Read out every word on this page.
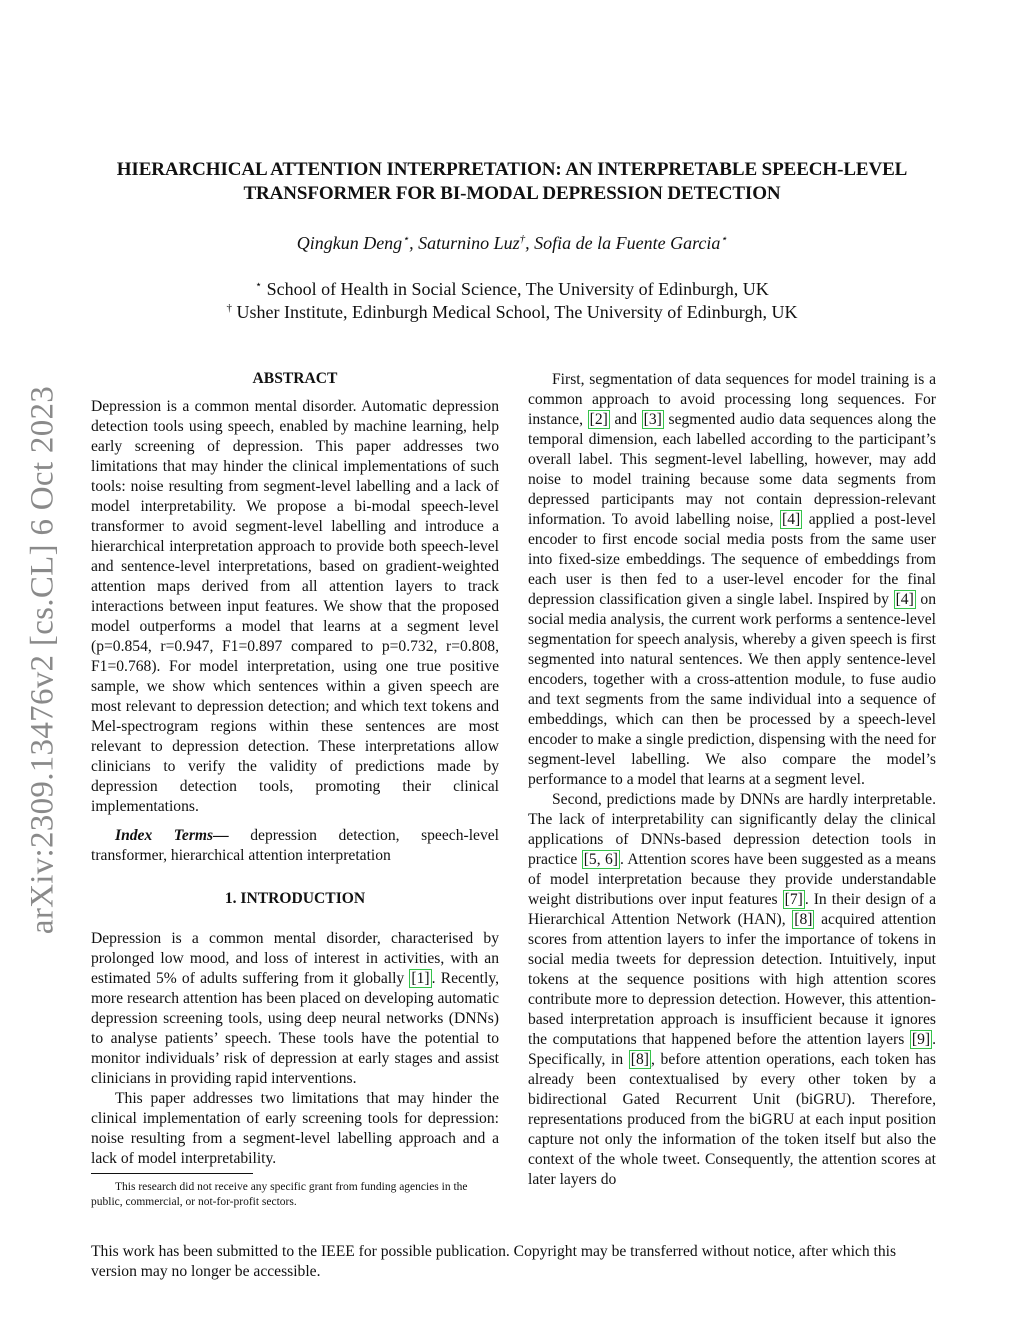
arXiv:2309.13476v2 [cs.CL] 6 Oct 2023
HIERARCHICAL ATTENTION INTERPRETATION: AN INTERPRETABLE SPEECH-LEVEL
TRANSFORMER FOR BI-MODAL DEPRESSION DETECTION
Qingkun Deng⋆, Saturnino Luz†, Sofia de la Fuente Garcia⋆
⋆ School of Health in Social Science, The University of Edinburgh, UK
† Usher Institute, Edinburgh Medical School, The University of Edinburgh, UK
ABSTRACT

Depression is a common mental disorder. Automatic depression detection tools using speech, enabled by machine learning, help early screening of depression. This paper addresses two limitations that may hinder the clinical implementations of such tools: noise resulting from segment-level labelling and a lack of model interpretability. We propose a bi-modal speech-level transformer to avoid segment-level labelling and introduce a hierarchical interpretation approach to provide both speech-level and sentence-level interpretations, based on gradient-weighted attention maps derived from all attention layers to track interactions between input features. We show that the proposed model outperforms a model that learns at a segment level (p=0.854, r=0.947, F1=0.897 compared to p=0.732, r=0.808, F1=0.768). For model interpretation, using one true positive sample, we show which sentences within a given speech are most relevant to depression detection; and which text tokens and Mel-spectrogram regions within these sentences are most relevant to depression detection. These interpretations allow clinicians to verify the validity of predictions made by depression detection tools, promoting their clinical implementations.

Index Terms— depression detection, speech-level transformer, hierarchical attention interpretation
1. INTRODUCTION

Depression is a common mental disorder, characterised by prolonged low mood, and loss of interest in activities, with an estimated 5% of adults suffering from it globally [1] . Recently, more research attention has been placed on developing automatic depression screening tools, using deep neural networks (DNNs) to analyse patients’ speech. These tools have the potential to monitor individuals’ risk of depression at early stages and assist clinicians in providing rapid interventions.

This paper addresses two limitations that may hinder the clinical implementation of early screening tools for depression: noise resulting from a segment-level labelling approach and a lack of model interpretability.

This research did not receive any specific grant from funding agencies in the public, commercial, or not-for-profit sectors.

First, segmentation of data sequences for model training is a common approach to avoid processing long sequences. For instance, [2] and [3] segmented audio data sequences along the temporal dimension, each labelled according to the participant’s overall label. This segment-level labelling, however, may add noise to model training because some data segments from depressed participants may not contain depression-relevant information. To avoid labelling noise, [4] applied a post-level encoder to first encode social media posts from the same user into fixed-size embeddings. The sequence of embeddings from each user is then fed to a user-level encoder for the final depression classification given a single label. Inspired by [4] on social media analysis, the current work performs a sentence-level segmentation for speech analysis, whereby a given speech is first segmented into natural sentences. We then apply sentence-level encoders, together with a cross-attention module, to fuse audio and text segments from the same individual into a sequence of embeddings, which can then be processed by a speech-level encoder to make a single prediction, dispensing with the need for segment-level labelling. We also compare the model’s performance to a model that learns at a segment level.

Second, predictions made by DNNs are hardly interpretable. The lack of interpretability can significantly delay the clinical applications of DNNs-based depression detection tools in practice [5, 6] . Attention scores have been suggested as a means of model interpretation because they provide understandable weight distributions over input features [7] . In their design of a Hierarchical Attention Network (HAN), [8] acquired attention scores from attention layers to infer the importance of tokens in social media tweets for depression detection. Intuitively, input tokens at the sequence positions with high attention scores contribute more to depression detection. However, this attention-based interpretation approach is insufficient because it ignores the computations that happened before the attention layers [9] . Specifically, in [8] , before attention operations, each token has already been contextualised by every other token by a bidirectional Gated Recurrent Unit (biGRU). Therefore, representations produced from the biGRU at each input position capture not only the information of the token itself but also the context of the whole tweet. Consequently, the attention scores at later layers do

This work has been submitted to the IEEE for possible publication. Copyright may be transferred without notice, after which this version may no longer be accessible.
